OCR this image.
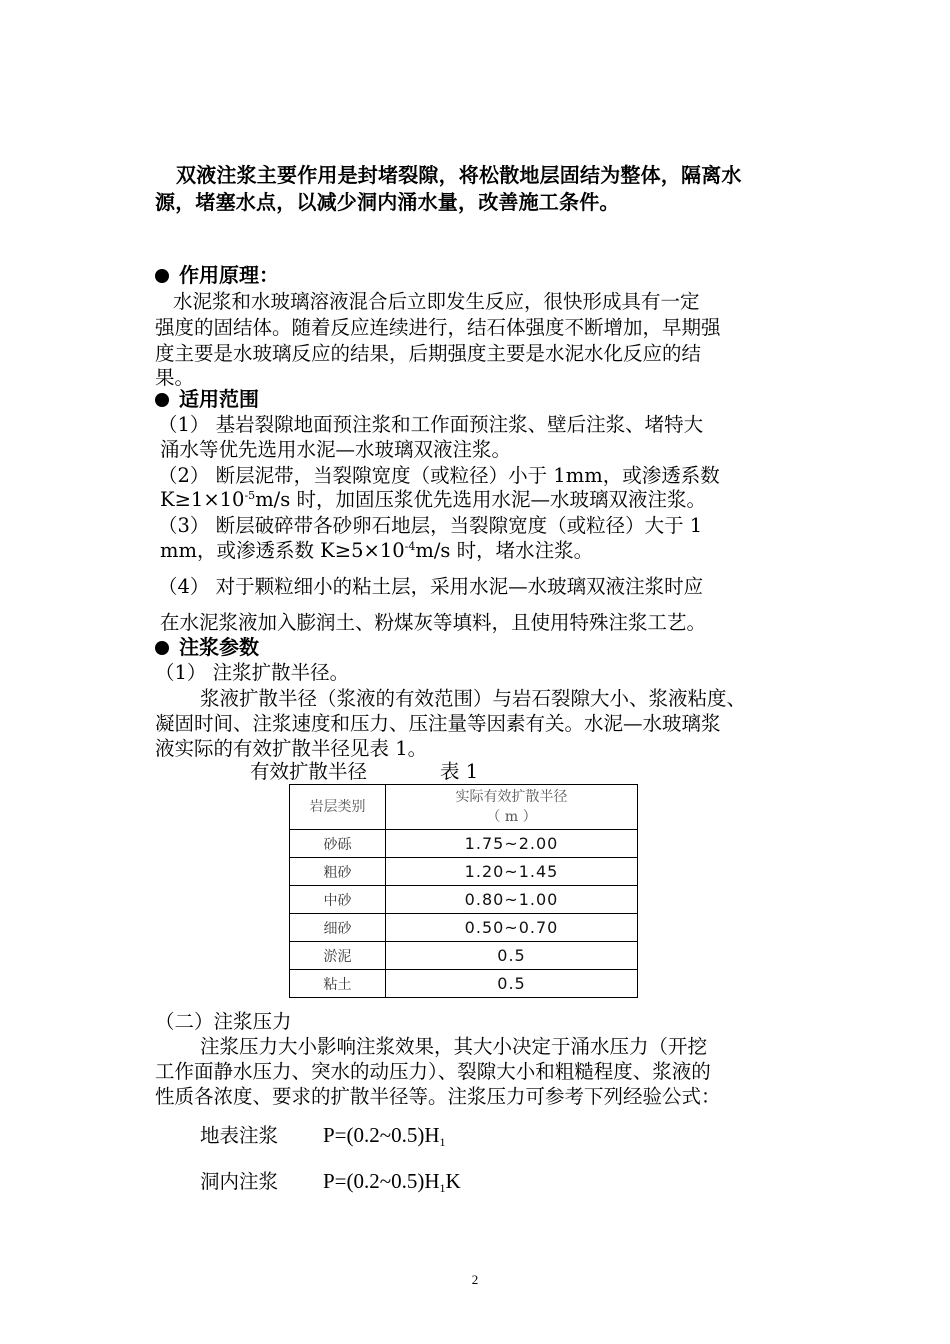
双液注浆主要作用是封堵裂隙，将松散地层固结为整体，隔离水
源，堵塞水点，以减少洞内涌水量，改善施工条件。
作用原理：
水泥浆和水玻璃溶液混合后立即发生反应，很快形成具有一定
强度的固结体。随着反应连续进行，结石体强度不断增加，早期强
度主要是水玻璃反应的结果，后期强度主要是水泥水化反应的结
果。
适用范围
（1） 基岩裂隙地面预注浆和工作面预注浆、壁后注浆、堵特大
涌水等优先选用水泥—水玻璃双液注浆。
（2） 断层泥带，当裂隙宽度（或粒径）小于 1mm，或渗透系数
$K\ge 1\times 10^{-5}m/s$ 时，加固压浆优先选用水泥—水玻璃双液注浆。
（3） 断层破碎带各砂卵石地层，当裂隙宽度（或粒径）大于 1
mm，或渗透系数 $K\ge 5\times 10^{-4}m/s$ 时，堵水注浆。
（4） 对于颗粒细小的粘土层，采用水泥—水玻璃双液注浆时应
在水泥浆液加入膨润土、粉煤灰等填料，且使用特殊注浆工艺。
注浆参数
（1） 注浆扩散半径。
浆液扩散半径（浆液的有效范围）与岩石裂隙大小、浆液粘度、
凝固时间、注浆速度和压力、压注量等因素有关。水泥—水玻璃浆
液实际的有效扩散半径见表 1。
有效扩散半径	表 1
岩层类别	实际有效扩散半径
（ m ）

砂砾	1.75~2.00
粗砂	1.20~1.45
中砂	0.80~1.00
细砂	0.50~0.70
淤泥	0.5
粘土	0.5
（二）注浆压力
注浆压力大小影响注浆效果，其大小决定于涌水压力（开挖
工作面静水压力、突水的动压力）、裂隙大小和粗糙程度、浆液的
性质各浓度、要求的扩散半径等。注浆压力可参考下列经验公式：
地表注浆 $P=(0.2\sim 0.5)H_1$
洞内注浆 $P=(0.2\sim 0.5)H_1K$
2
